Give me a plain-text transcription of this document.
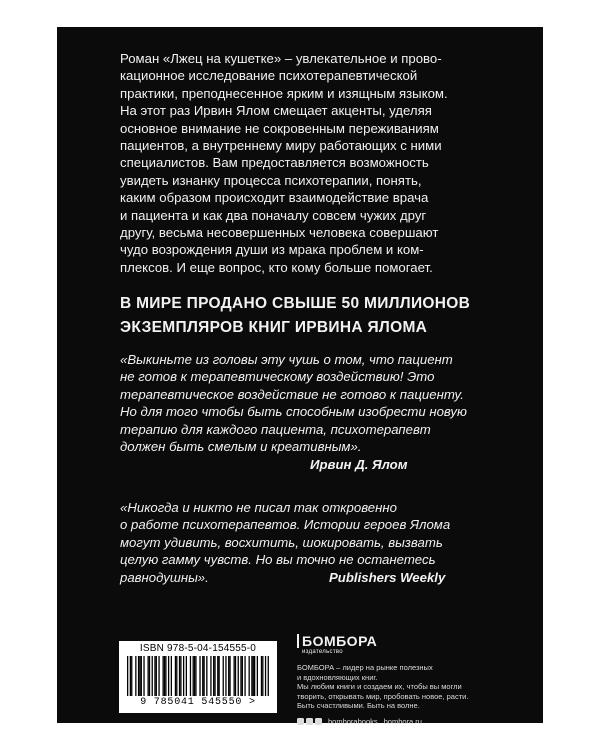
Роман «Лжец на кушетке» – увлекательное и прово-
кационное исследование психотерапевтической
практики, преподнесенное ярким и изящным языком.
На этот раз Ирвин Ялом смещает акценты, уделяя
основное внимание не сокровенным переживаниям
пациентов, а внутреннему миру работающих с ними
специалистов. Вам предоставляется возможность
увидеть изнанку процесса психотерапии, понять,
каким образом происходит взаимодействие врача
и пациента и как два поначалу совсем чужих друг
другу, весьма несовершенных человека совершают
чудо возрождения души из мрака проблем и ком-
плексов. И еще вопрос, кто кому больше помогает.
В МИРЕ ПРОДАНО СВЫШЕ 50 МИЛЛИОНОВ
ЭКЗЕМПЛЯРОВ КНИГ ИРВИНА ЯЛОМА
«Выкиньте из головы эту чушь о том, что пациент
не готов к терапевтическому воздействию! Это
терапевтическое воздействие не готово к пациенту.
Но для того чтобы быть способным изобрести новую
терапию для каждого пациента, психотерапевт
должен быть смелым и креативным».
Ирвин Д. Ялом
«Никогда и никто не писал так откровенно
о работе психотерапевтов. Истории героев Ялома
могут удивить, восхитить, шокировать, вызвать
целую гамму чувств. Но вы точно не останетесь
равнодушны».	Publishers Weekly
ISBN 978-5-04-154555-0
9 785041 545550 >
БОМБОРА
издательство
БОМБОРА – лидер на рынке полезных
и вдохновляющих книг.
Мы любим книги и создаем их, чтобы вы могли
творить, открывать мир, пробовать новое, расти.
Быть счастливыми. Быть на волне.
bomborabooks bombora.ru
